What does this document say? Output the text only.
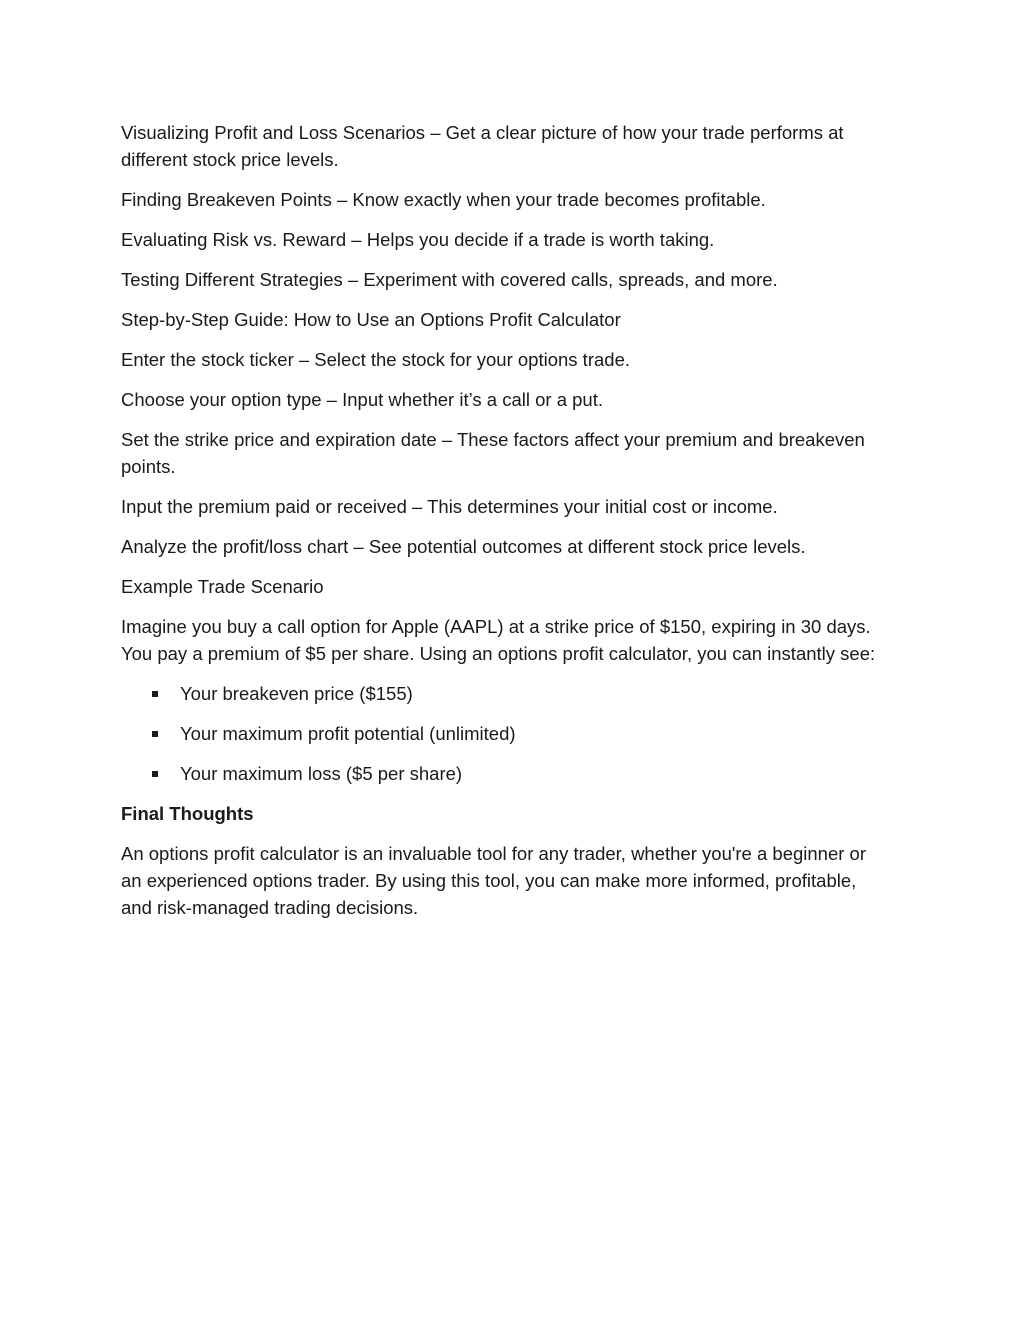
Visualizing Profit and Loss Scenarios – Get a clear picture of how your trade performs at different stock price levels.

Finding Breakeven Points – Know exactly when your trade becomes profitable.

Evaluating Risk vs. Reward – Helps you decide if a trade is worth taking.

Testing Different Strategies – Experiment with covered calls, spreads, and more.

Step-by-Step Guide: How to Use an Options Profit Calculator

Enter the stock ticker – Select the stock for your options trade.

Choose your option type – Input whether it’s a call or a put.

Set the strike price and expiration date – These factors affect your premium and breakeven points.

Input the premium paid or received – This determines your initial cost or income.

Analyze the profit/loss chart – See potential outcomes at different stock price levels.

Example Trade Scenario

Imagine you buy a call option for Apple (AAPL) at a strike price of $150, expiring in 30 days. You pay a premium of $5 per share. Using an options profit calculator, you can instantly see:

Your breakeven price ($155)
Your maximum profit potential (unlimited)
Your maximum loss ($5 per share)

Final Thoughts

An options profit calculator is an invaluable tool for any trader, whether you're a beginner or an experienced options trader. By using this tool, you can make more informed, profitable, and risk-managed trading decisions.
